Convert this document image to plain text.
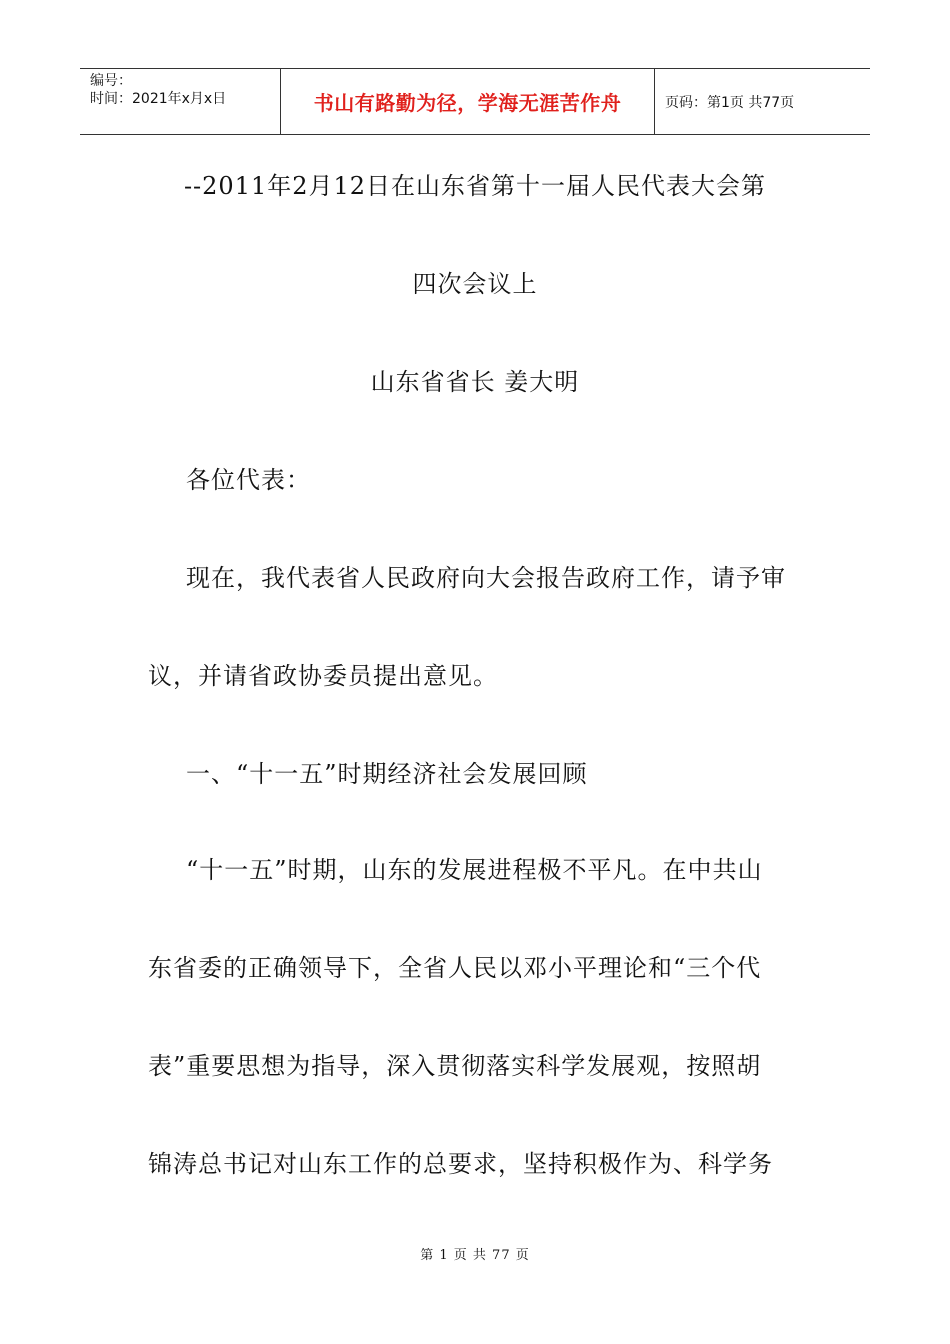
编号：
时间：2021年x月x日	书山有路勤为径，学海无涯苦作舟	页码：第1页 共77页
--2011年2月12日在山东省第十一届人民代表大会第
四次会议上
山东省省长 姜大明
各位代表：
现在，我代表省人民政府向大会报告政府工作，请予审
议，并请省政协委员提出意见。
一、“十一五”时期经济社会发展回顾
“十一五”时期，山东的发展进程极不平凡。在中共山
东省委的正确领导下，全省人民以邓小平理论和“三个代
表”重要思想为指导，深入贯彻落实科学发展观，按照胡
锦涛总书记对山东工作的总要求，坚持积极作为、科学务
第 1 页 共 77 页
